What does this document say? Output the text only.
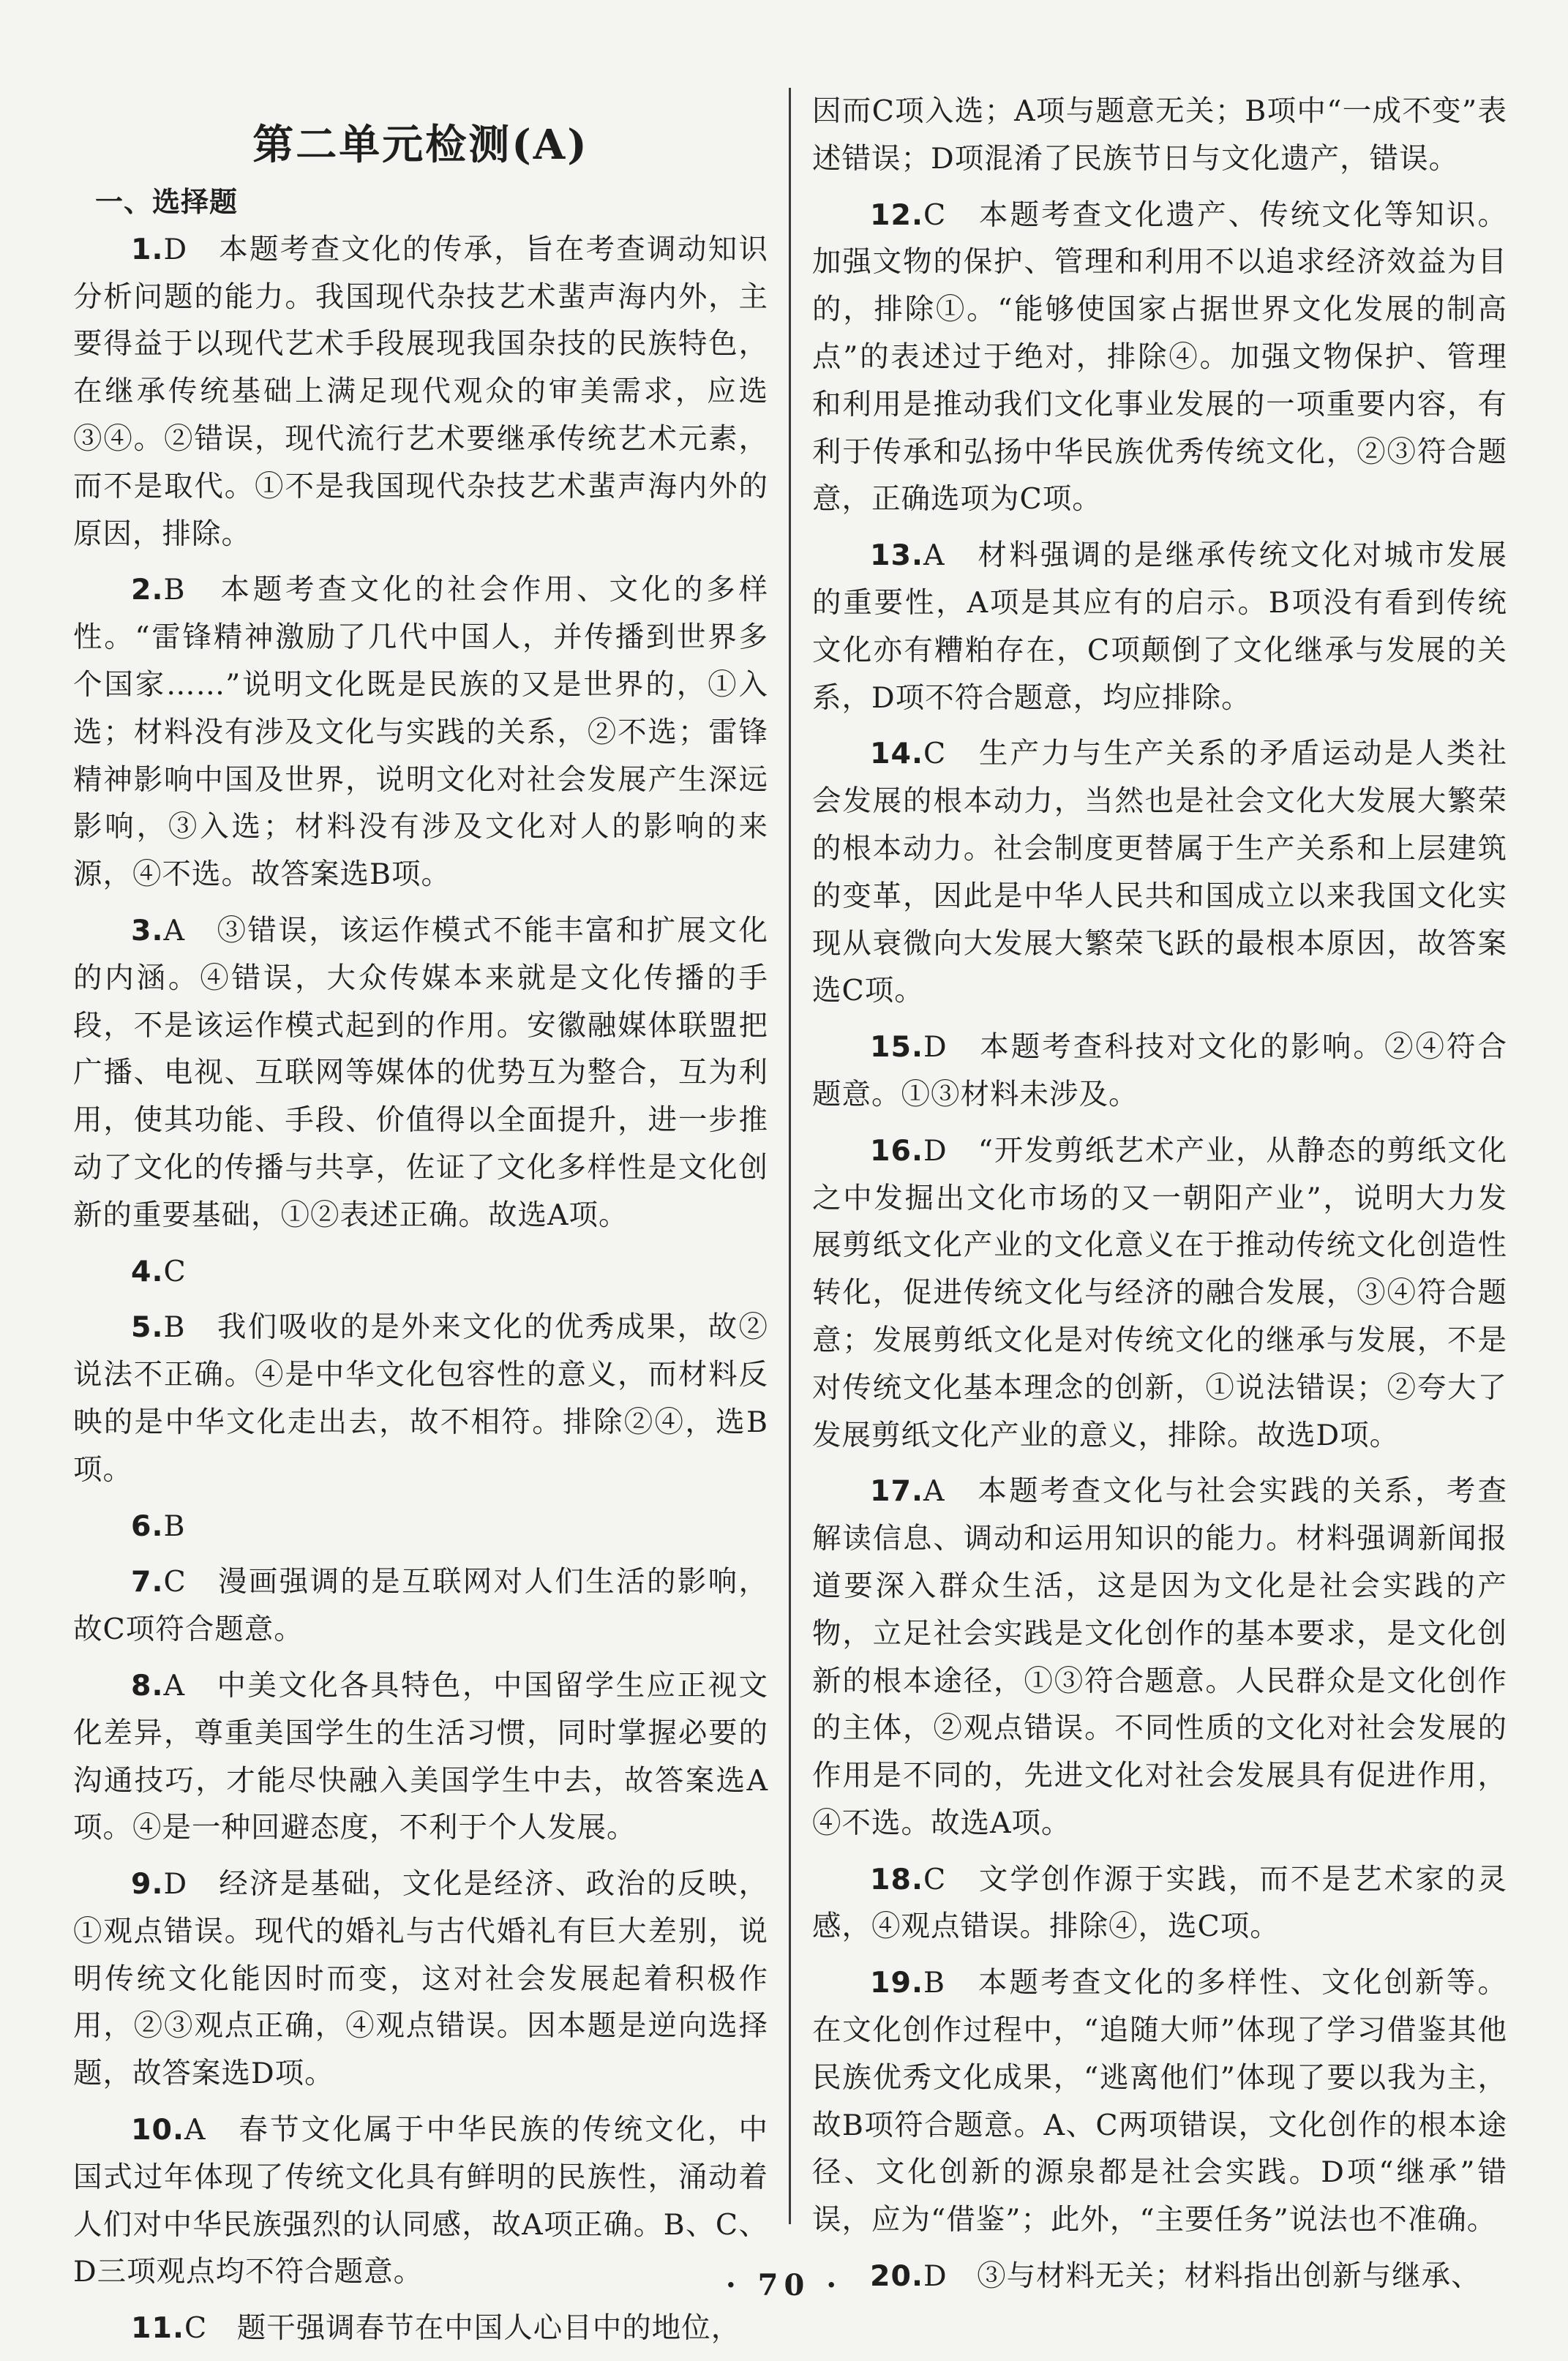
第二单元检测(A)
一、选择题

1.D　 本题考查文化的传承，旨在考查调动知识分析问题的能力。我国现代杂技艺术蜚声海内外，主要得益于以现代艺术手段展现我国杂技的民族特色，在继承传统基础上满足现代观众的审美需求，应选③④。②错误，现代流行艺术要继承传统艺术元素，而不是取代。①不是我国现代杂技艺术蜚声海内外的原因，排除。

2.B　 本题考查文化的社会作用、文化的多样性。“雷锋精神激励了几代中国人，并传播到世界多个国家……”说明文化既是民族的又是世界的，①入选；材料没有涉及文化与实践的关系，②不选；雷锋精神影响中国及世界，说明文化对社会发展产生深远影响，③入选；材料没有涉及文化对人的影响的来源，④不选。故答案选B项。

3.A　 ③错误，该运作模式不能丰富和扩展文化的内涵。④错误，大众传媒本来就是文化传播的手段，不是该运作模式起到的作用。安徽融媒体联盟把广播、电视、互联网等媒体的优势互为整合，互为利用，使其功能、手段、价值得以全面提升，进一步推动了文化的传播与共享，佐证了文化多样性是文化创新的重要基础，①②表述正确。故选A项。

4.C

5.B　 我们吸收的是外来文化的优秀成果，故②说法不正确。④是中华文化包容性的意义，而材料反映的是中华文化走出去，故不相符。排除②④，选B项。

6.B

7.C　 漫画强调的是互联网对人们生活的影响，故C项符合题意。

8.A　 中美文化各具特色，中国留学生应正视文化差异，尊重美国学生的生活习惯，同时掌握必要的沟通技巧，才能尽快融入美国学生中去，故答案选A项。④是一种回避态度，不利于个人发展。

9.D　 经济是基础，文化是经济、政治的反映，①观点错误。现代的婚礼与古代婚礼有巨大差别，说明传统文化能因时而变，这对社会发展起着积极作用，②③观点正确，④观点错误。因本题是逆向选择题，故答案选D项。

10.A　 春节文化属于中华民族的传统文化，中国式过年体现了传统文化具有鲜明的民族性，涌动着人们对中华民族强烈的认同感，故A项正确。B、C、D三项观点均不符合题意。

11.C　 题干强调春节在中国人心目中的地位，

因而C项入选；A项与题意无关；B项中“一成不变”表述错误；D项混淆了民族节日与文化遗产，错误。

12.C　 本题考查文化遗产、传统文化等知识。加强文物的保护、管理和利用不以追求经济效益为目的，排除①。“能够使国家占据世界文化发展的制高点”的表述过于绝对，排除④。加强文物保护、管理和利用是推动我们文化事业发展的一项重要内容，有利于传承和弘扬中华民族优秀传统文化，②③符合题意，正确选项为C项。

13.A　 材料强调的是继承传统文化对城市发展的重要性，A项是其应有的启示。B项没有看到传统文化亦有糟粕存在，C项颠倒了文化继承与发展的关系，D项不符合题意，均应排除。

14.C　 生产力与生产关系的矛盾运动是人类社会发展的根本动力，当然也是社会文化大发展大繁荣的根本动力。社会制度更替属于生产关系和上层建筑的变革，因此是中华人民共和国成立以来我国文化实现从衰微向大发展大繁荣飞跃的最根本原因，故答案选C项。

15.D　 本题考查科技对文化的影响。②④符合题意。①③材料未涉及。

16.D　 “开发剪纸艺术产业，从静态的剪纸文化之中发掘出文化市场的又一朝阳产业”，说明大力发展剪纸文化产业的文化意义在于推动传统文化创造性转化，促进传统文化与经济的融合发展，③④符合题意；发展剪纸文化是对传统文化的继承与发展，不是对传统文化基本理念的创新，①说法错误；②夸大了发展剪纸文化产业的意义，排除。故选D项。

17.A　 本题考查文化与社会实践的关系，考查解读信息、调动和运用知识的能力。材料强调新闻报道要深入群众生活，这是因为文化是社会实践的产物，立足社会实践是文化创作的基本要求，是文化创新的根本途径，①③符合题意。人民群众是文化创作的主体，②观点错误。不同性质的文化对社会发展的作用是不同的，先进文化对社会发展具有促进作用，④不选。故选A项。

18.C　 文学创作源于实践，而不是艺术家的灵感，④观点错误。排除④，选C项。

19.B　 本题考查文化的多样性、文化创新等。在文化创作过程中，“追随大师”体现了学习借鉴其他民族优秀文化成果，“逃离他们”体现了要以我为主，故B项符合题意。A、C两项错误，文化创作的根本途径、文化创新的源泉都是社会实践。D项“继承”错误，应为“借鉴”；此外，“主要任务”说法也不准确。

20.D　 ③与材料无关；材料指出创新与继承、

· 70 ·
